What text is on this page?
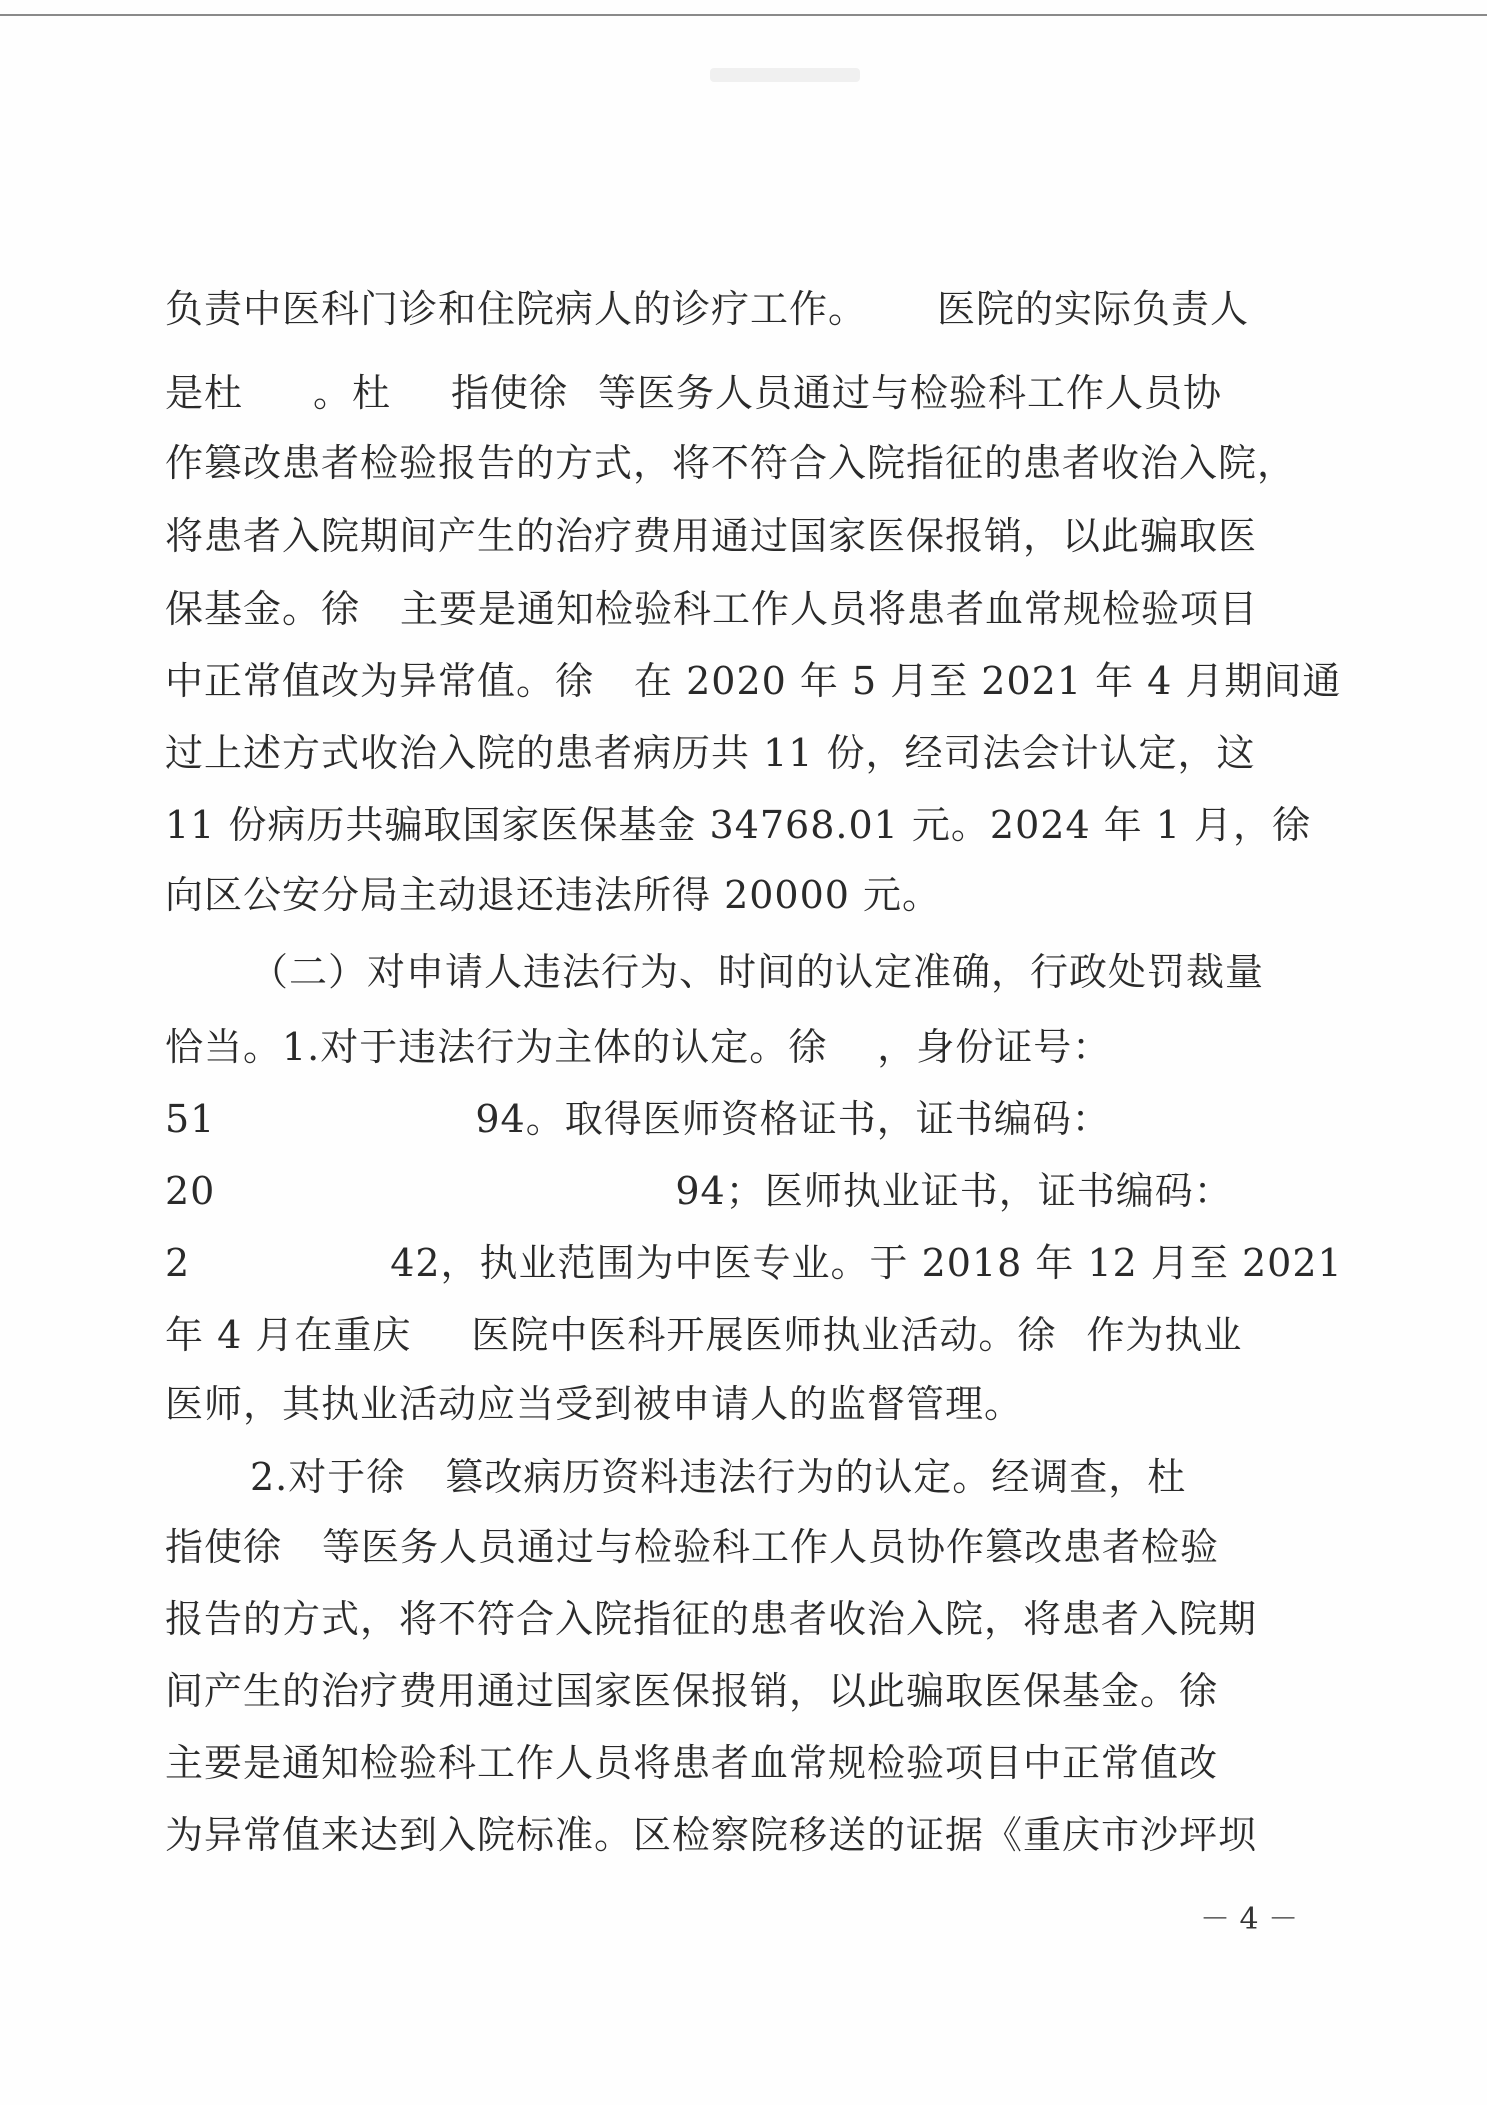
负责中医科门诊和住院病人的诊疗工作。 医院的实际负责人
是杜 。杜 指使徐 等医务人员通过与检验科工作人员协
作篡改患者检验报告的方式，将不符合入院指征的患者收治入院，
将患者入院期间产生的治疗费用通过国家医保报销，以此骗取医
保基金。徐 主要是通知检验科工作人员将患者血常规检验项目
中正常值改为异常值。徐 在 2020 年 5 月至 2021 年 4 月期间通
过上述方式收治入院的患者病历共 11 份，经司法会计认定，这
11 份病历共骗取国家医保基金 34768.01 元。2024 年 1 月，徐
向区公安分局主动退还违法所得 20000 元。
（二）对申请人违法行为、时间的认定准确，行政处罚裁量
恰当。1.对于违法行为主体的认定。徐 ，身份证号：
51	94。取得医师资格证书，证书编码：
20	94；医师执业证书，证书编码：
2	42，执业范围为中医专业。于 2018 年 12 月至 2021
年 4 月在重庆 医院中医科开展医师执业活动。徐 作为执业
医师，其执业活动应当受到被申请人的监督管理。
2.对于徐 篡改病历资料违法行为的认定。经调查，杜
指使徐 等医务人员通过与检验科工作人员协作篡改患者检验
报告的方式，将不符合入院指征的患者收治入院，将患者入院期
间产生的治疗费用通过国家医保报销，以此骗取医保基金。徐
主要是通知检验科工作人员将患者血常规检验项目中正常值改
为异常值来达到入院标准。区检察院移送的证据《重庆市沙坪坝
－ 4 －
